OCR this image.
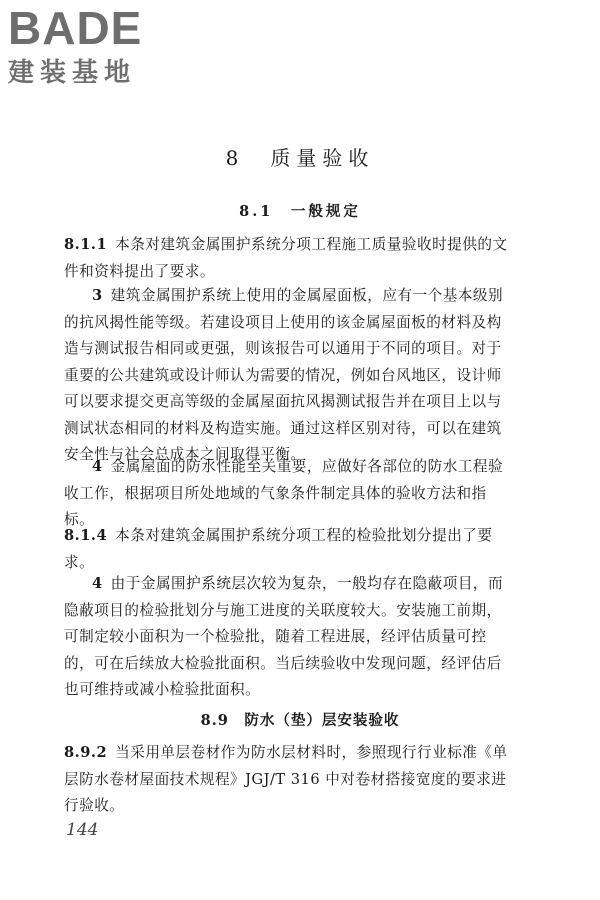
BADE
建装基地
8　质量验收
8.1　一般规定
8.1.1 本条对建筑金属围护系统分项工程施工质量验收时提供的文件和资料提出了要求。
3 建筑金属围护系统上使用的金属屋面板，应有一个基本级别的抗风揭性能等级。若建设项目上使用的该金属屋面板的材料及构造与测试报告相同或更强，则该报告可以通用于不同的项目。对于重要的公共建筑或设计师认为需要的情况，例如台风地区，设计师可以要求提交更高等级的金属屋面抗风揭测试报告并在项目上以与测试状态相同的材料及构造实施。通过这样区别对待，可以在建筑安全性与社会总成本之间取得平衡。
4 金属屋面的防水性能至关重要，应做好各部位的防水工程验收工作，根据项目所处地域的气象条件制定具体的验收方法和指标。
8.1.4 本条对建筑金属围护系统分项工程的检验批划分提出了要求。
4 由于金属围护系统层次较为复杂，一般均存在隐蔽项目，而隐蔽项目的检验批划分与施工进度的关联度较大。安装施工前期，可制定较小面积为一个检验批，随着工程进展，经评估质量可控的，可在后续放大检验批面积。当后续验收中发现问题，经评估后也可维持或减小检验批面积。
8.9　防水（垫）层安装验收
8.9.2 当采用单层卷材作为防水层材料时，参照现行行业标准《单层防水卷材屋面技术规程》JGJ/T 316 中对卷材搭接宽度的要求进行验收。
144
